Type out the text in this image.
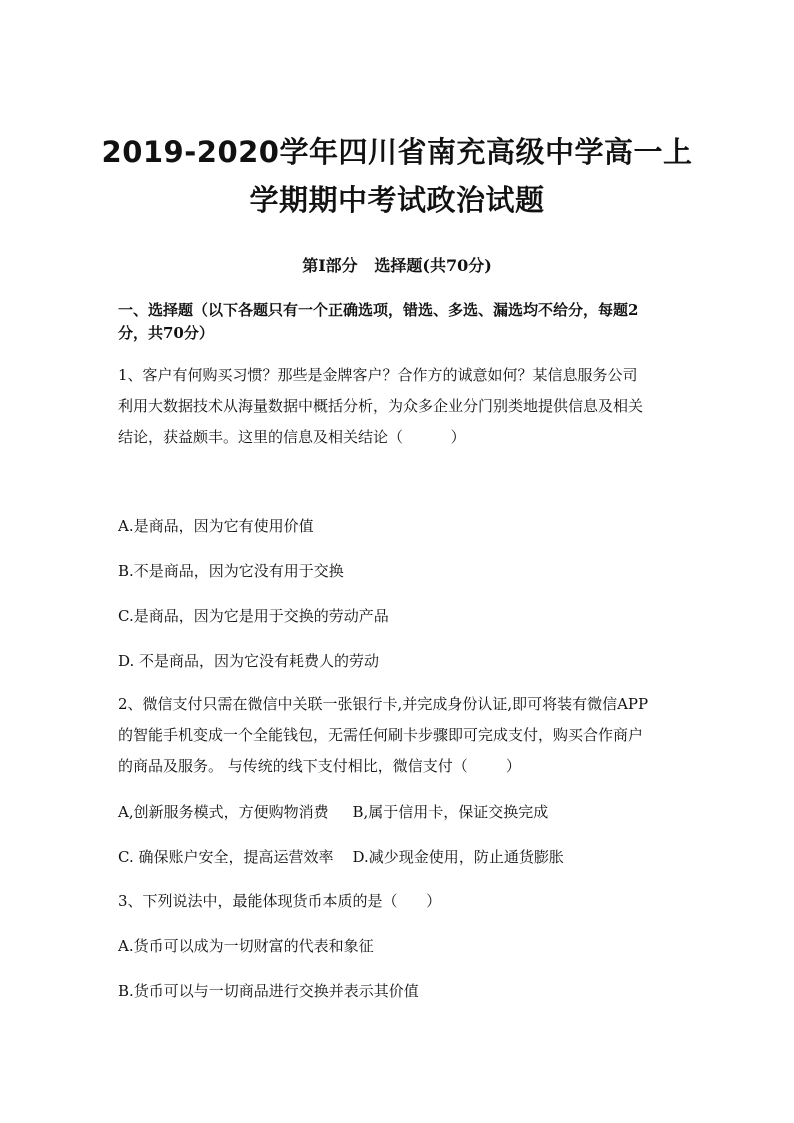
2019-2020学年四川省南充高级中学高一上
学期期中考试政治试题
第Ⅰ部分   选择题(共70分)
一、选择题（以下各题只有一个正确选项，错选、多选、漏选均不给分，每题2
分，共70分）
1、客户有何购买习惯？那些是金牌客户？合作方的诚意如何？某信息服务公司
利用大数据技术从海量数据中概括分析，为众多企业分门别类地提供信息及相关
结论，获益颇丰。这里的信息及相关结论（          ）
A.是商品，因为它有使用价值
B.不是商品，因为它没有用于交换
C.是商品，因为它是用于交换的劳动产品
D. 不是商品，因为它没有耗费人的劳动
2、微信支付只需在微信中关联一张银行卡,并完成身份认证,即可将装有微信APP
的智能手机变成一个全能钱包，无需任何刷卡步骤即可完成支付，购买合作商户
的商品及服务。 与传统的线下支付相比，微信支付（        ）
A,创新服务模式，方便购物消费     B,属于信用卡，保证交换完成
C. 确保账户安全，提高运营效率    D.减少现金使用，防止通货膨胀
3、下列说法中，最能体现货币本质的是（      ）
A.货币可以成为一切财富的代表和象征
B.货币可以与一切商品进行交换并表示其价值
